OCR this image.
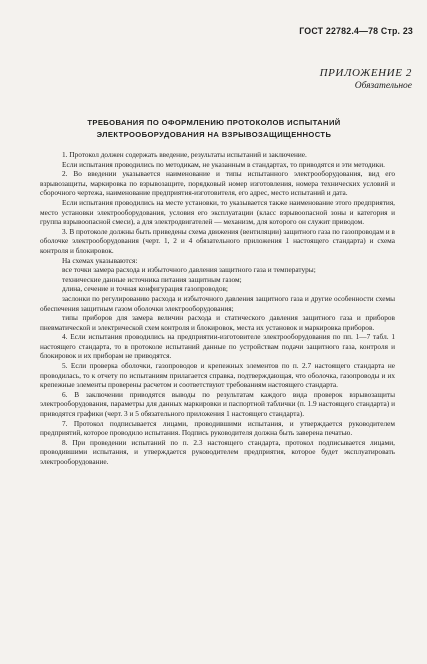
ГОСТ 22782.4—78 Стр. 23
ПРИЛОЖЕНИЕ 2
Обязательное
ТРЕБОВАНИЯ ПО ОФОРМЛЕНИЮ ПРОТОКОЛОВ ИСПЫТАНИЙ
ЭЛЕКТРООБОРУДОВАНИЯ НА ВЗРЫВОЗАЩИЩЕННОСТЬ

1. Протокол должен содержать введение, результаты испытаний и заключение.

Если испытания проводились по методикам, не указанным в стандартах, то приводятся и эти методики.

2. Во введении указывается наименование и типы испытанного электрооборудования, вид его взрывозащиты, маркировка по взрывозащите, порядковый номер изготовления, номера технических условий и сборочного чертежа, наименование предприятия-изготовителя, его адрес, место испытаний и дата.

Если испытания проводились на месте установки, то указывается также наименование этого предприятия, место установки электрооборудования, условия его эксплуатации (класс взрывоопасной зоны и категория и группа взрывоопасной смеси), а для электродвигателей — механизм, для которого он служит приводом.

3. В протоколе должны быть приведены схема движения (вентиляции) защитного газа по газопроводам и в оболочке электрооборудования (черт. 1, 2 и 4 обязательного приложения 1 настоящего стандарта) и схема контроля и блокировок.

На схемах указываются:

все точки замера расхода и избыточного давления защитного газа и температуры;

технические данные источника питания защитным газом;

длина, сечение и точная конфигурация газопроводов;

заслонки по регулированию расхода и избыточного давления защитного газа и другие особенности схемы обеспечения защитным газом оболочки электрооборудования;

типы приборов для замера величин расхода и статического давления защитного газа и приборов пневматической и электрической схем контроля и блокировок, места их установок и маркировка приборов.

4. Если испытания проводились на предприятии-изготовителе электрооборудования по пп. 1—7 табл. 1 настоящего стандарта, то в протоколе испытаний данные по устройствам подачи защитного газа, контроля и блокировок и их приборам не приводятся.

5. Если проверка оболочки, газопроводов и крепежных элементов по п. 2.7 настоящего стандарта не проводилась, то к отчету по испытаниям прилагается справка, подтверждающая, что оболочка, газопроводы и их крепежные элементы проверены расчетом и соответствуют требованиям настоящего стандарта.

6. В заключении приводятся выводы по результатам каждого вида проверок взрывозащиты электрооборудования, параметры для данных маркировки и паспортной таблички (п. 1.9 настоящего стандарта) и приводятся графики (черт. 3 и 5 обязательного приложения 1 настоящего стандарта).

7. Протокол подписывается лицами, проводившими испытания, и утверждается руководителем предприятий, которое проводило испытания. Подпись руководителя должна быть заверена печатью.

8. При проведении испытаний по п. 2.3 настоящего стандарта, протокол подписывается лицами, проводившими испытания, и утверждается руководителем предприятия, которое будет эксплуатировать электрооборудование.
